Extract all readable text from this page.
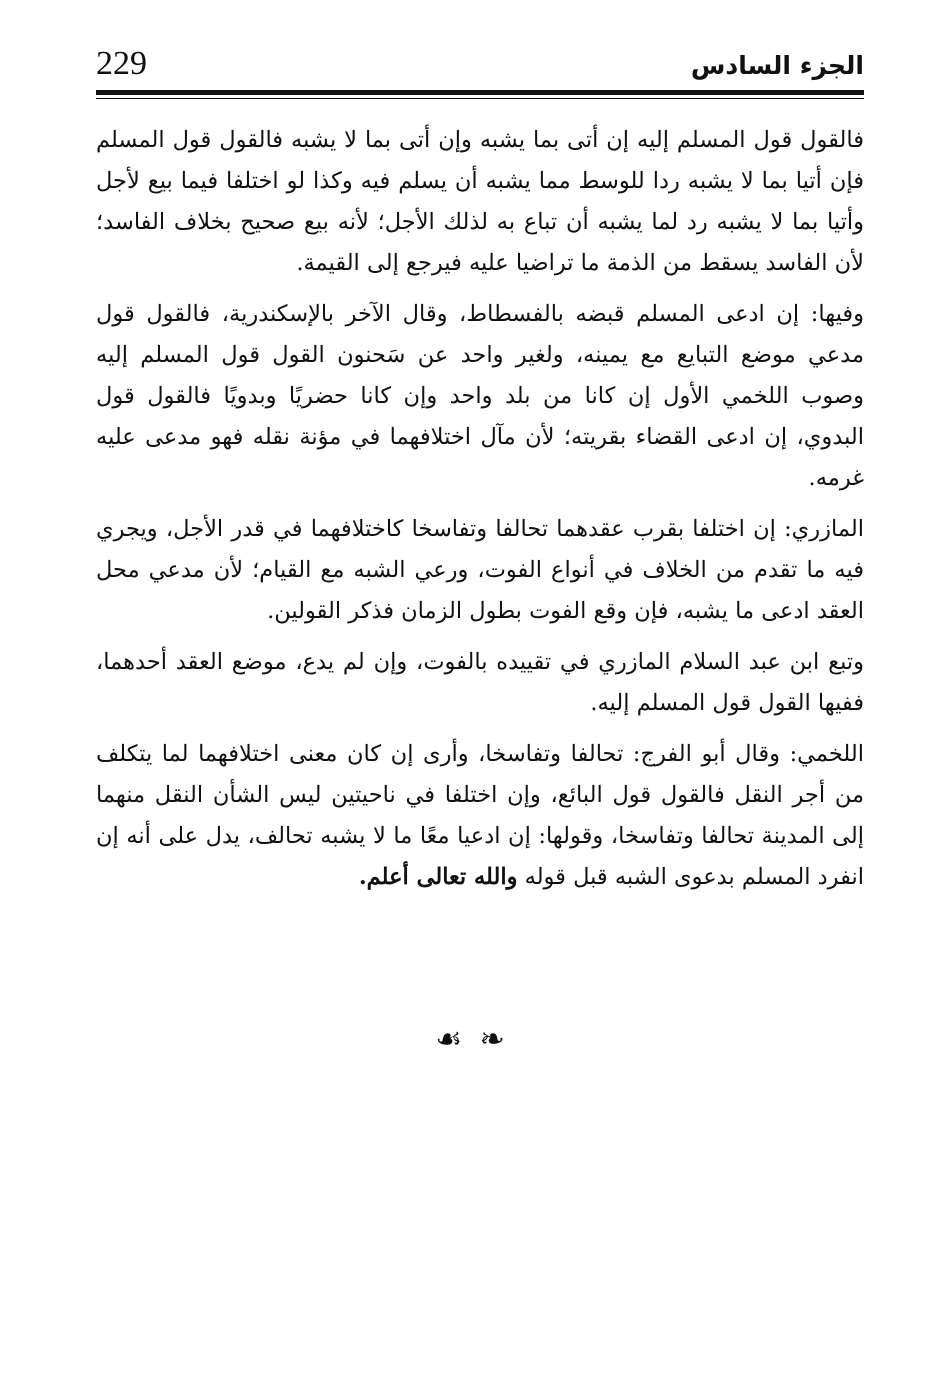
229	الجزء السادس

فالقول قول المسلم إليه إن أتى بما يشبه وإن أتى بما لا يشبه فالقول قول المسلم فإن أتيا بما لا يشبه ردا للوسط مما يشبه أن يسلم فيه وكذا لو اختلفا فيما بيع لأجل وأتيا بما لا يشبه رد لما يشبه أن تباع به لذلك الأجل؛ لأنه بيع صحيح بخلاف الفاسد؛ لأن الفاسد يسقط من الذمة ما تراضيا عليه فيرجع إلى القيمة.

وفيها: إن ادعى المسلم قبضه بالفسطاط، وقال الآخر بالإسكندرية، فالقول قول مدعي موضع التبايع مع يمينه، ولغير واحد عن سَحنون القول قول المسلم إليه وصوب اللخمي الأول إن كانا من بلد واحد وإن كانا حضريًا وبدويًا فالقول قول البدوي، إن ادعى القضاء بقريته؛ لأن مآل اختلافهما في مؤنة نقله فهو مدعى عليه غرمه.

المازري: إن اختلفا بقرب عقدهما تحالفا وتفاسخا كاختلافهما في قدر الأجل، ويجري فيه ما تقدم من الخلاف في أنواع الفوت، ورعي الشبه مع القيام؛ لأن مدعي محل العقد ادعى ما يشبه، فإن وقع الفوت بطول الزمان فذكر القولين.

وتبع ابن عبد السلام المازري في تقييده بالفوت، وإن لم يدع، موضع العقد أحدهما، ففيها القول قول المسلم إليه.

اللخمي: وقال أبو الفرج: تحالفا وتفاسخا، وأرى إن كان معنى اختلافهما لما يتكلف من أجر النقل فالقول قول البائع، وإن اختلفا في ناحيتين ليس الشأن النقل منهما إلى المدينة تحالفا وتفاسخا، وقولها: إن ادعيا معًا ما لا يشبه تحالف، يدل على أنه إن انفرد المسلم بدعوى الشبه قبل قوله والله تعالى أعلم.

☙ ❧
